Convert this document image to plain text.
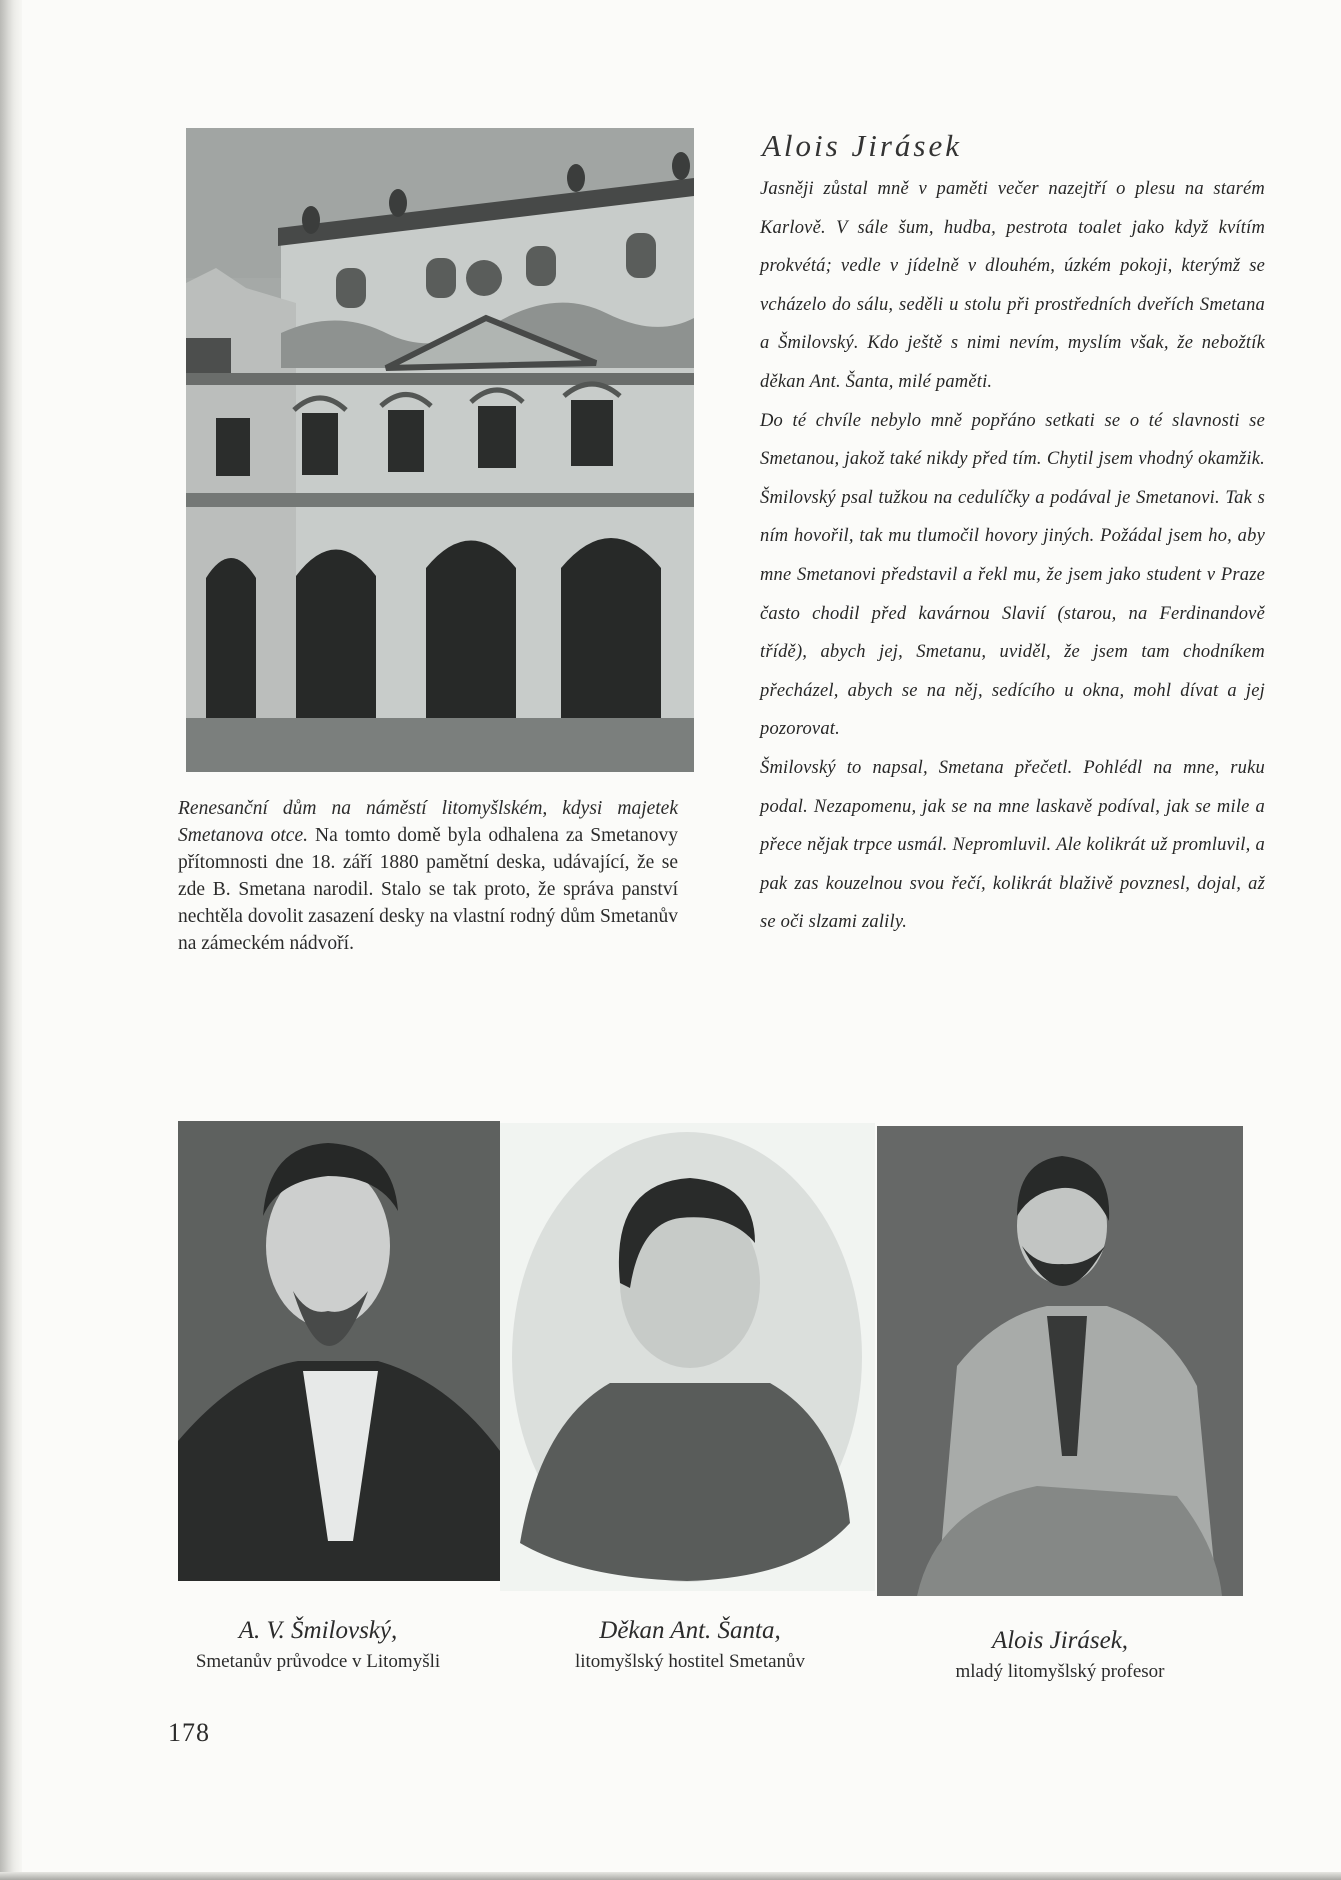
Renesanční dům na náměstí litomyšlském, kdysi majetek Smetanova otce. Na tomto domě byla odhalena za Smetanovy přítomnosti dne 18. září 1880 pamětní deska, udávající, že se zde B. Smetana narodil. Stalo se tak proto, že správa panství nechtěla dovolit zasazení desky na vlastní rodný dům Smetanův na zámeckém nádvoří.
Alois Jirásek

Jasněji zůstal mně v paměti večer nazejtří o plesu na starém Karlově. V sále šum, hudba, pestrota toalet jako když kvítím prokvétá; vedle v jídelně v dlouhém, úzkém pokoji, kterýmž se vcházelo do sálu, seděli u stolu při prostředních dveřích Smetana a Šmilovský. Kdo ještě s nimi nevím, myslím však, že nebožtík děkan Ant. Šanta, milé paměti.

Do té chvíle nebylo mně popřáno setkati se o té slavnosti se Smetanou, jakož také nikdy před tím. Chytil jsem vhodný okamžik. Šmilovský psal tužkou na cedulíčky a podával je Smetanovi. Tak s ním hovořil, tak mu tlumočil hovory jiných. Požádal jsem ho, aby mne Smetanovi představil a řekl mu, že jsem jako student v Praze často chodil před kavárnou Slavií (starou, na Ferdinandově třídě), abych jej, Smetanu, uviděl, že jsem tam chodníkem přecházel, abych se na něj, sedícího u okna, mohl dívat a jej pozorovat.

Šmilovský to napsal, Smetana přečetl. Pohlédl na mne, ruku podal. Nezapomenu, jak se na mne laskavě podíval, jak se mile a přece nějak trpce usmál. Nepromluvil. Ale kolikrát už promluvil, a pak zas kouzelnou svou řečí, kolikrát blaživě povznesl, dojal, až se oči slzami zalily.

A. V. Šmilovský,
Smetanův průvodce v Litomyšli
Děkan Ant. Šanta,
litomyšlský hostitel Smetanův
Alois Jirásek,
mladý litomyšlský profesor
178
